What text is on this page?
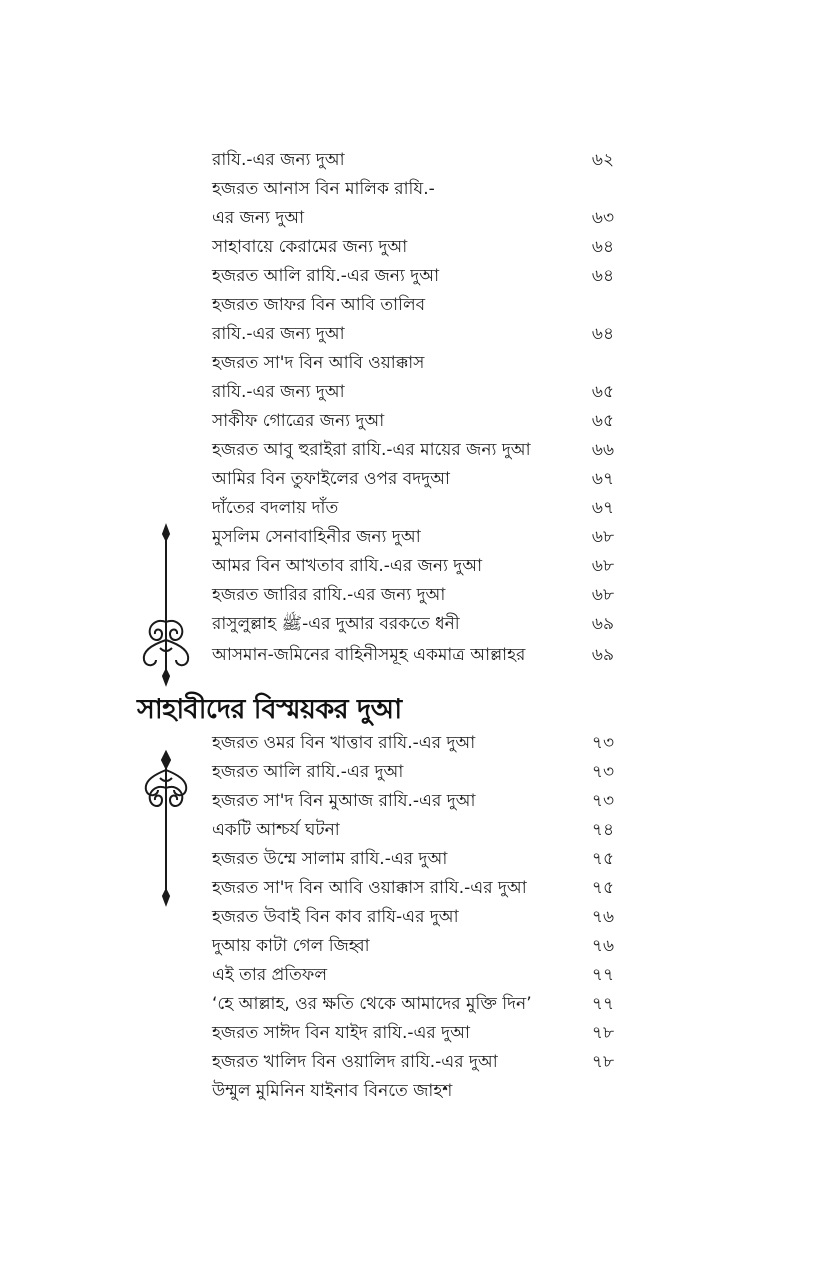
রাযি.-এর জন্য দুআ	৬২
হজরত আনাস বিন মালিক রাযি.-
এর জন্য দুআ	৬৩
সাহাবায়ে কেরামের জন্য দুআ	৬৪
হজরত আলি রাযি.-এর জন্য দুআ	৬৪
হজরত জাফর বিন আবি তালিব
রাযি.-এর জন্য দুআ	৬৪
হজরত সা'দ বিন আবি ওয়াক্কাস
রাযি.-এর জন্য দুআ	৬৫
সাকীফ গোত্রের জন্য দুআ	৬৫
হজরত আবু হুরাইরা রাযি.-এর মায়ের জন্য দুআ	৬৬
আমির বিন তুফাইলের ওপর বদদুআ	৬৭
দাঁতের বদলায় দাঁত	৬৭
মুসলিম সেনাবাহিনীর জন্য দুআ	৬৮
আমর বিন আখতাব রাযি.-এর জন্য দুআ	৬৮
হজরত জারির রাযি.-এর জন্য দুআ	৬৮
রাসুলুল্লাহ ﷺ-এর দুআর বরকতে ধনী	৬৯
আসমান-জমিনের বাহিনীসমূহ একমাত্র আল্লাহর	৬৯
সাহাবীদের বিস্ময়কর দুআ
হজরত ওমর বিন খাত্তাব রাযি.-এর দুআ	৭৩
হজরত আলি রাযি.-এর দুআ	৭৩
হজরত সা'দ বিন মুআজ রাযি.-এর দুআ	৭৩
একটি আশ্চর্য ঘটনা	৭৪
হজরত উম্মে সালাম রাযি.-এর দুআ	৭৫
হজরত সা'দ বিন আবি ওয়াক্কাস রাযি.-এর দুআ	৭৫
হজরত উবাই বিন কাব রাযি-এর দুআ	৭৬
দুআয় কাটা গেল জিহ্বা	৭৬
এই তার প্রতিফল	৭৭
‘হে আল্লাহ, ওর ক্ষতি থেকে আমাদের মুক্তি দিন’	৭৭
হজরত সাঈদ বিন যাইদ রাযি.-এর দুআ	৭৮
হজরত খালিদ বিন ওয়ালিদ রাযি.-এর দুআ	৭৮
উম্মুল মুমিনিন যাইনাব বিনতে জাহশ
